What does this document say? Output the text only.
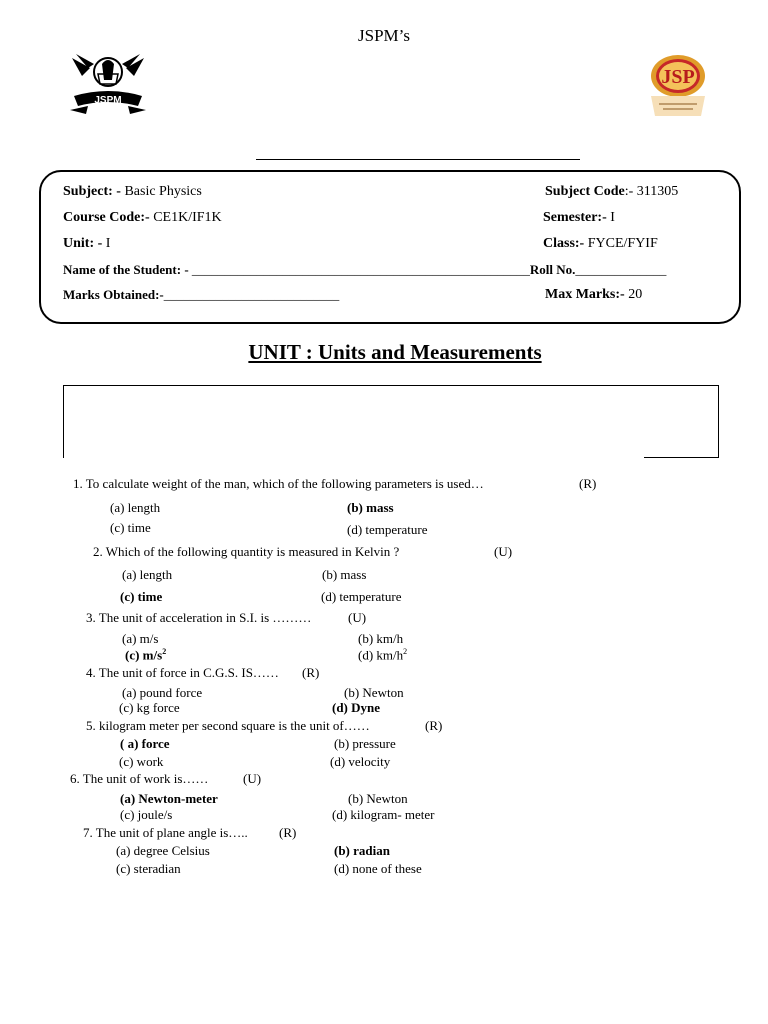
JSPM’s
JSPM
JSP
Subject: - Basic Physics	Subject Code:- 311305
Course Code:- CE1K/IF1K	Semester:- I
Unit: - I	Class:- FYCE/FYIF
Name of the Student: - ____________________________________________________Roll No.______________
Marks Obtained:-___________________________	Max Marks:- 20
UNIT : Units and Measurements
1. To calculate weight of the man, which of the following parameters is used…	(R)
(a) length	(b) mass
(c) time	(d) temperature
2. Which of the following quantity is measured in Kelvin ?	(U)
(a) length	(b) mass
(c) time	(d) temperature
3. The unit of acceleration in S.I. is ………	(U)
(a) m/s	(b) km/h
(c) $m/s^2$	(d) $km/h^2$
4. The unit of force in C.G.S. IS…… (R)
(a) pound force	(b) Newton
(c) kg force	(d) Dyne
5. kilogram meter per second square is the unit of……	(R)
( a) force	(b) pressure
(c) work	(d) velocity
6. The unit of work is……	(U)
(a) Newton-meter	(b) Newton
(c) joule/s	(d) kilogram- meter
7. The unit of plane angle is….. (R)
(a) degree Celsius	(b) radian
(c) steradian	(d) none of these
